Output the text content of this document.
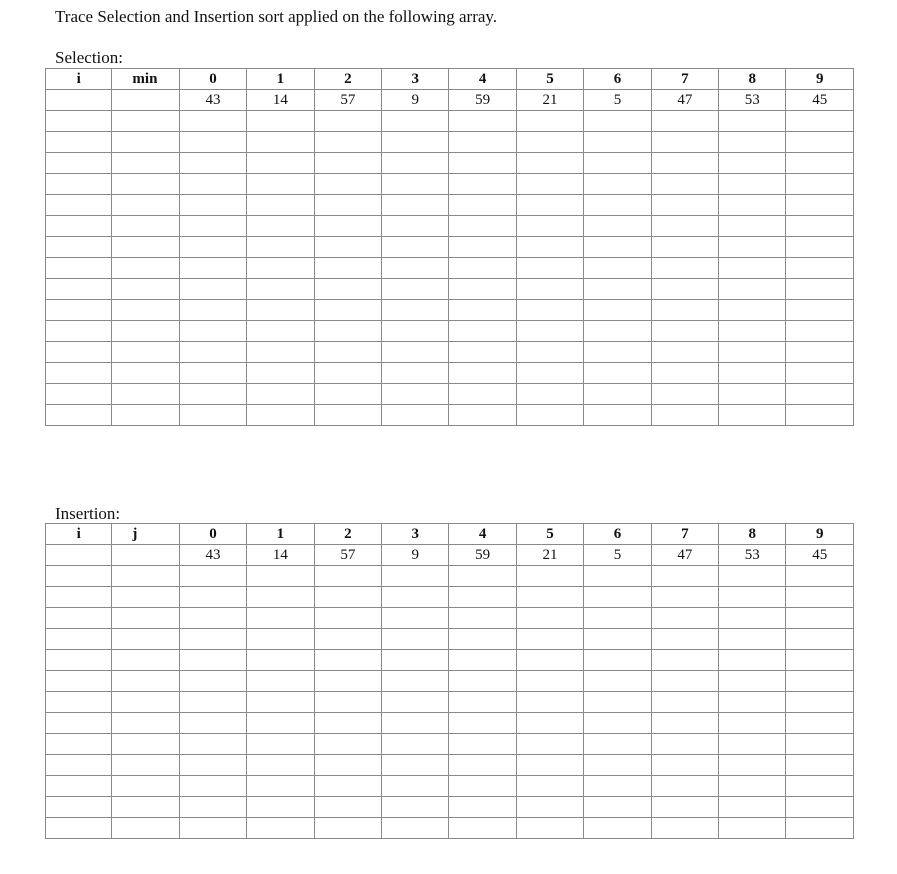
Trace Selection and Insertion sort applied on the following array.
Selection:
i	min	0	1	2	3	4	5	6	7	8	9
		43	14	57	9	59	21	5	47	53	45

Insertion:
i	j	0	1	2	3	4	5	6	7	8	9
		43	14	57	9	59	21	5	47	53	45
